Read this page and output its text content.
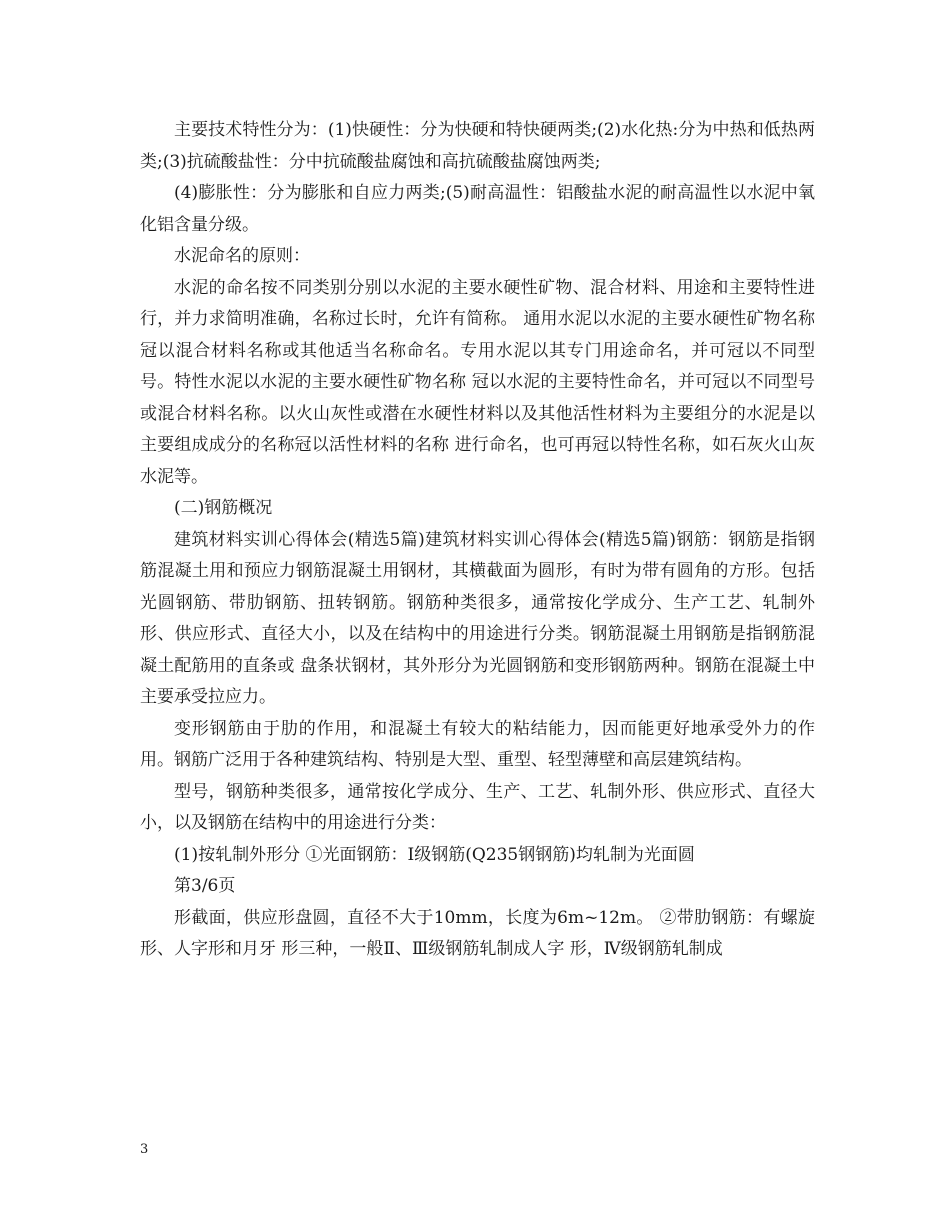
主要技术特性分为：(1)快硬性：分为快硬和特快硬两类;(2)水化热:分为中热和低热两类;(3)抗硫酸盐性：分中抗硫酸盐腐蚀和高抗硫酸盐腐蚀两类;

(4)膨胀性：分为膨胀和自应力两类;(5)耐高温性：铝酸盐水泥的耐高温性以水泥中氧化铝含量分级。

水泥命名的原则：

水泥的命名按不同类别分别以水泥的主要水硬性矿物、混合材料、用途和主要特性进行，并力求简明准确，名称过长时，允许有简称。 通用水泥以水泥的主要水硬性矿物名称冠以混合材料名称或其他适当名称命名。专用水泥以其专门用途命名，并可冠以不同型号。特性水泥以水泥的主要水硬性矿物名称 冠以水泥的主要特性命名，并可冠以不同型号或混合材料名称。以火山灰性或潜在水硬性材料以及其他活性材料为主要组分的水泥是以主要组成成分的名称冠以活性材料的名称 进行命名，也可再冠以特性名称，如石灰火山灰水泥等。

(二)钢筋概况

建筑材料实训心得体会(精选5篇)建筑材料实训心得体会(精选5篇)钢筋：钢筋是指钢筋混凝土用和预应力钢筋混凝土用钢材，其横截面为圆形，有时为带有圆角的方形。包括光圆钢筋、带肋钢筋、扭转钢筋。钢筋种类很多，通常按化学成分、生产工艺、轧制外形、供应形式、直径大小，以及在结构中的用途进行分类。钢筋混凝土用钢筋是指钢筋混凝土配筋用的直条或 盘条状钢材，其外形分为光圆钢筋和变形钢筋两种。钢筋在混凝土中主要承受拉应力。

变形钢筋由于肋的作用，和混凝土有较大的粘结能力，因而能更好地承受外力的作用。钢筋广泛用于各种建筑结构、特别是大型、重型、轻型薄壁和高层建筑结构。

型号，钢筋种类很多，通常按化学成分、生产、工艺、轧制外形、供应形式、直径大小，以及钢筋在结构中的用途进行分类：

(1)按轧制外形分 ①光面钢筋：I级钢筋(Q235钢钢筋)均轧制为光面圆

第3/6页

形截面，供应形盘圆，直径不大于10mm，长度为6m~12m。 ②带肋钢筋：有螺旋形、人字形和月牙 形三种，一般Ⅱ、Ⅲ级钢筋轧制成人字 形，Ⅳ级钢筋轧制成

3
